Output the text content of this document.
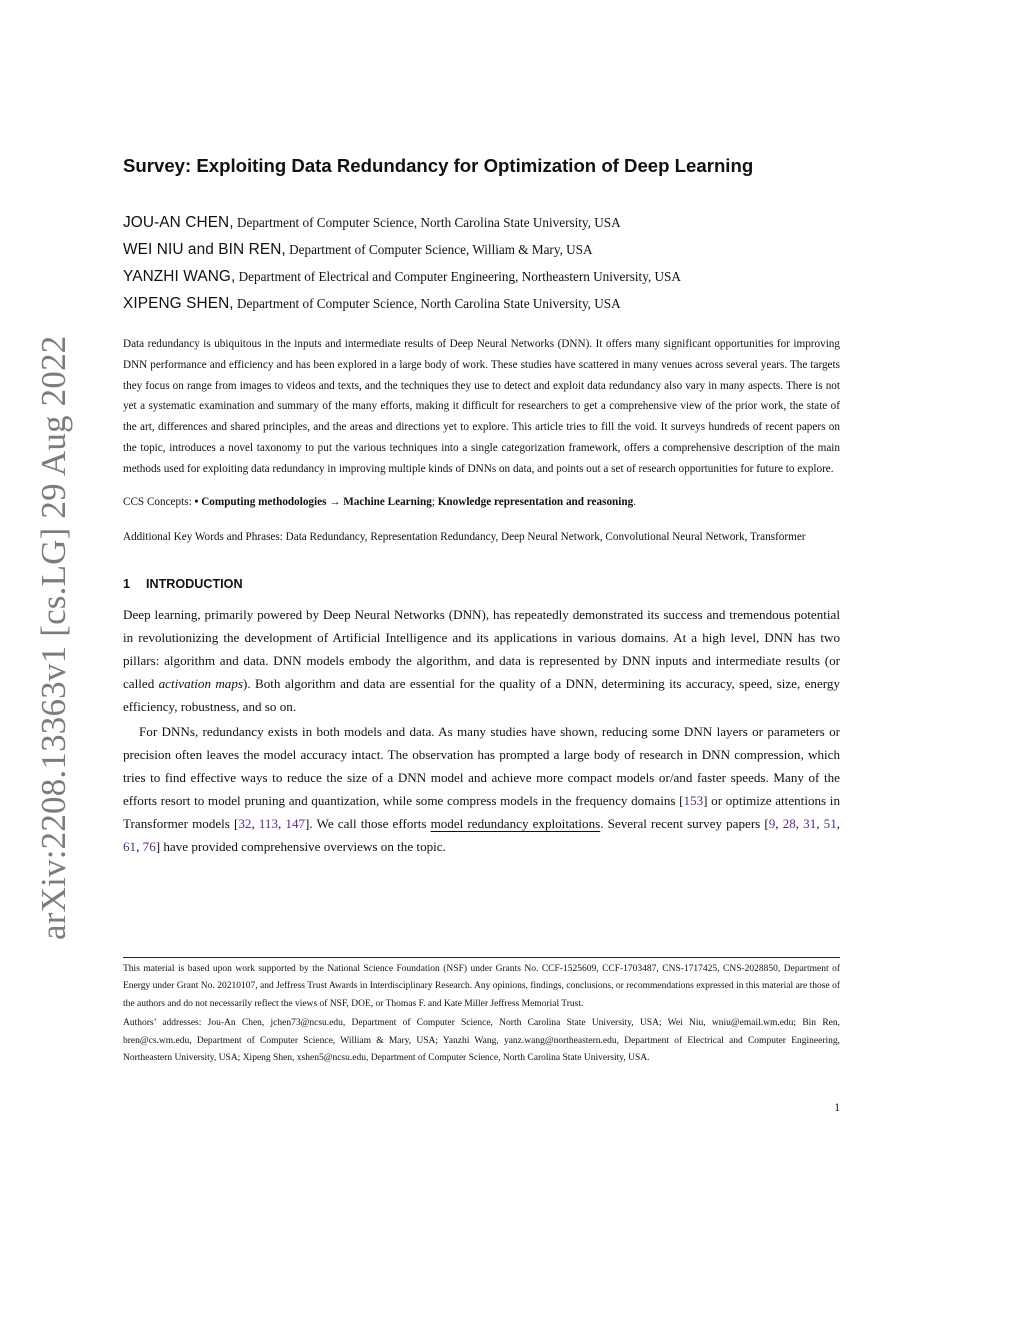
arXiv:2208.13363v1 [cs.LG] 29 Aug 2022
Survey: Exploiting Data Redundancy for Optimization of Deep Learning
JOU-AN CHEN, Department of Computer Science, North Carolina State University, USA
WEI NIU and BIN REN, Department of Computer Science, William & Mary, USA
YANZHI WANG, Department of Electrical and Computer Engineering, Northeastern University, USA
XIPENG SHEN, Department of Computer Science, North Carolina State University, USA

Data redundancy is ubiquitous in the inputs and intermediate results of Deep Neural Networks (DNN). It offers many significant opportunities for improving DNN performance and efficiency and has been explored in a large body of work. These studies have scattered in many venues across several years. The targets they focus on range from images to videos and texts, and the techniques they use to detect and exploit data redundancy also vary in many aspects. There is not yet a systematic examination and summary of the many efforts, making it difficult for researchers to get a comprehensive view of the prior work, the state of the art, differences and shared principles, and the areas and directions yet to explore. This article tries to fill the void. It surveys hundreds of recent papers on the topic, introduces a novel taxonomy to put the various techniques into a single categorization framework, offers a comprehensive description of the main methods used for exploiting data redundancy in improving multiple kinds of DNNs on data, and points out a set of research opportunities for future to explore.

CCS Concepts: • Computing methodologies → Machine Learning; Knowledge representation and reasoning.
Additional Key Words and Phrases: Data Redundancy, Representation Redundancy, Deep Neural Network, Convolutional Neural Network, Transformer
1 INTRODUCTION

Deep learning, primarily powered by Deep Neural Networks (DNN), has repeatedly demonstrated its success and tremendous potential in revolutionizing the development of Artificial Intelligence and its applications in various domains. At a high level, DNN has two pillars: algorithm and data. DNN models embody the algorithm, and data is represented by DNN inputs and intermediate results (or called activation maps). Both algorithm and data are essential for the quality of a DNN, determining its accuracy, speed, size, energy efficiency, robustness, and so on.

For DNNs, redundancy exists in both models and data. As many studies have shown, reducing some DNN layers or parameters or precision often leaves the model accuracy intact. The observation has prompted a large body of research in DNN compression, which tries to find effective ways to reduce the size of a DNN model and achieve more compact models or/and faster speeds. Many of the efforts resort to model pruning and quantization, while some compress models in the frequency domains [153] or optimize attentions in Transformer models [32, 113, 147]. We call those efforts model redundancy exploitations. Several recent survey papers [9, 28, 31, 51, 61, 76] have provided comprehensive overviews on the topic.

This material is based upon work supported by the National Science Foundation (NSF) under Grants No. CCF-1525609, CCF-1703487, CNS-1717425, CNS-2028850, Department of Energy under Grant No. 20210107, and Jeffress Trust Awards in Interdisciplinary Research. Any opinions, findings, conclusions, or recommendations expressed in this material are those of the authors and do not necessarily reflect the views of NSF, DOE, or Thomas F. and Kate Miller Jeffress Memorial Trust.

Authors’ addresses: Jou-An Chen, jchen73@ncsu.edu, Department of Computer Science, North Carolina State University, USA; Wei Niu, wniu@email.wm.edu; Bin Ren, bren@cs.wm.edu, Department of Computer Science, William & Mary, USA; Yanzhi Wang, yanz.wang@northeastern.edu, Department of Electrical and Computer Engineering, Northeastern University, USA; Xipeng Shen, xshen5@ncsu.edu, Department of Computer Science, North Carolina State University, USA.

1
